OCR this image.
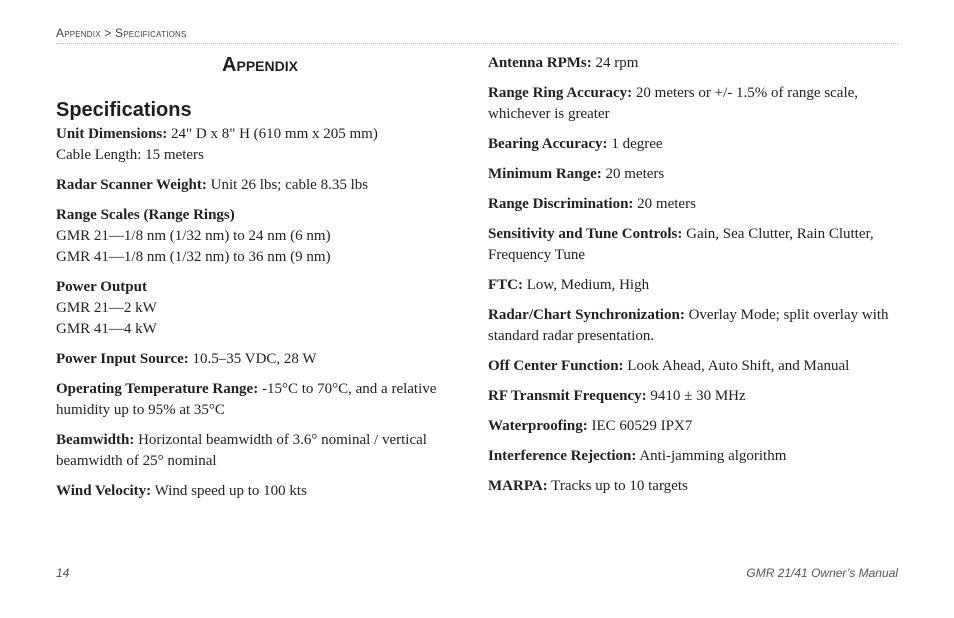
Appendix > Specifications
Appendix
Specifications
Unit Dimensions: 24" D x 8" H (610 mm x 205 mm)
Cable Length: 15 meters
Radar Scanner Weight: Unit 26 lbs; cable 8.35 lbs
Range Scales (Range Rings)
GMR 21—1/8 nm (1/32 nm) to 24 nm (6 nm)
GMR 41—1/8 nm (1/32 nm) to 36 nm (9 nm)
Power Output
GMR 21—2 kW
GMR 41—4 kW
Power Input Source: 10.5–35 VDC, 28 W
Operating Temperature Range: -15°C to 70°C, and a relative humidity up to 95% at 35°C
Beamwidth: Horizontal beamwidth of 3.6° nominal / vertical beamwidth of 25° nominal
Wind Velocity: Wind speed up to 100 kts
Antenna RPMs: 24 rpm
Range Ring Accuracy: 20 meters or +/- 1.5% of range scale, whichever is greater
Bearing Accuracy: 1 degree
Minimum Range: 20 meters
Range Discrimination: 20 meters
Sensitivity and Tune Controls: Gain, Sea Clutter, Rain Clutter, Frequency Tune
FTC: Low, Medium, High
Radar/Chart Synchronization: Overlay Mode; split overlay with standard radar presentation.
Off Center Function: Look Ahead, Auto Shift, and Manual
RF Transmit Frequency: 9410 ± 30 MHz
Waterproofing: IEC 60529 IPX7
Interference Rejection: Anti-jamming algorithm
MARPA: Tracks up to 10 targets
14	GMR 21/41 Owner’s Manual
